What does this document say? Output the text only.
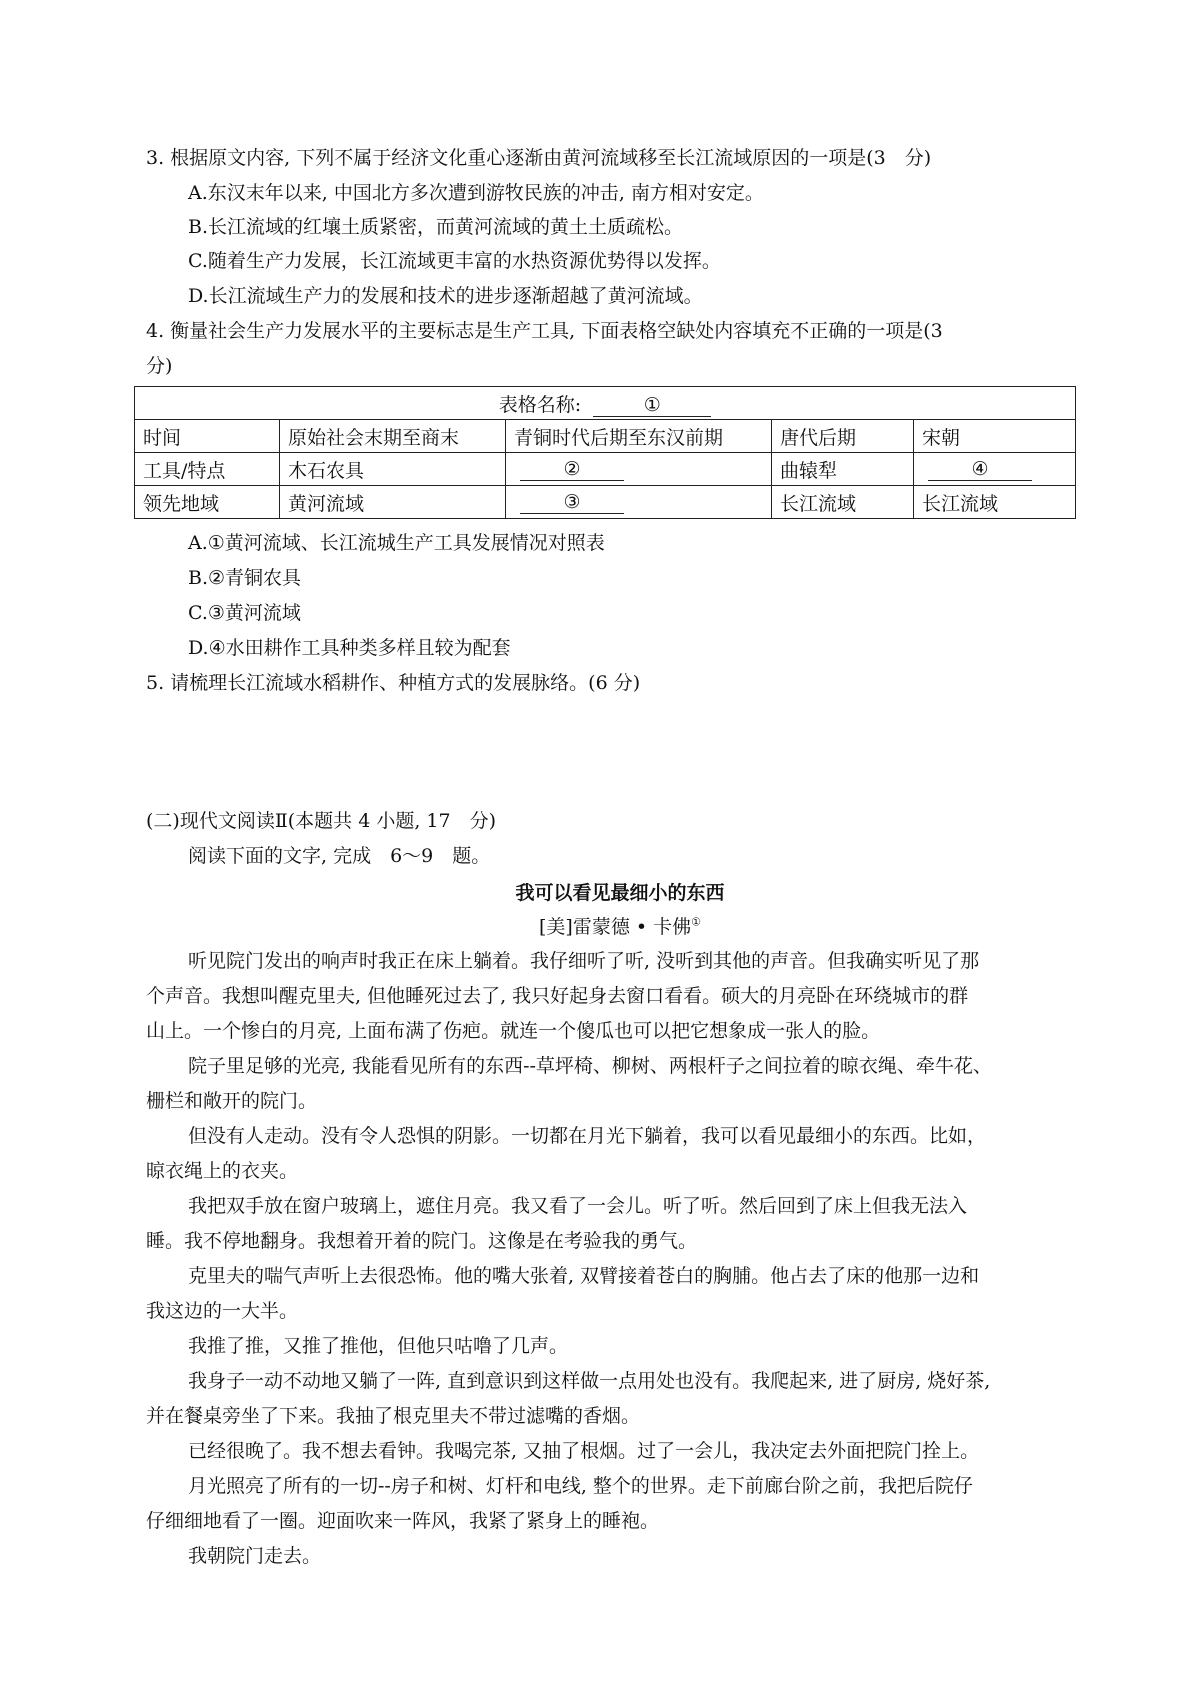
3. 根据原文内容, 下列不属于经济文化重心逐渐由黄河流域移至长江流域原因的一项是(3　分)

A.东汉末年以来, 中国北方多次遭到游牧民族的冲击, 南方相对安定。

B.长江流域的红壤土质紧密，而黄河流域的黄土土质疏松。

C.随着生产力发展，长江流域更丰富的水热资源优势得以发挥。

D.长江流域生产力的发展和技术的进步逐渐超越了黄河流域。

4. 衡量社会生产力发展水平的主要标志是生产工具, 下面表格空缺处内容填充不正确的一项是(3

分)

表格名称: ①				
时间	原始社会末期至商末	青铜时代后期至东汉前期	唐代后期	宋朝
工具/特点	木石农具	②	曲辕犁	④
领先地域	黄河流域	③	长江流域	长江流域

A.①黄河流域、长江流城生产工具发展情况对照表

B.②青铜农具

C.③黄河流域

D.④水田耕作工具种类多样且较为配套

5. 请梳理长江流域水稻耕作、种植方式的发展脉络。(6 分)

(二)现代文阅读Ⅱ(本题共 4 小题, 17　分)

阅读下面的文字, 完成　6～9　题。

我可以看见最细小的东西

[美]雷蒙德 • 卡佛①

听见院门发出的响声时我正在床上躺着。我仔细听了听, 没听到其他的声音。但我确实听见了那

个声音。我想叫醒克里夫, 但他睡死过去了, 我只好起身去窗口看看。硕大的月亮卧在环绕城市的群

山上。一个惨白的月亮, 上面布满了伤疤。就连一个傻瓜也可以把它想象成一张人的脸。

院子里足够的光亮, 我能看见所有的东西--草坪椅、柳树、两根杆子之间拉着的晾衣绳、牵牛花、

栅栏和敞开的院门。

但没有人走动。没有令人恐惧的阴影。一切都在月光下躺着，我可以看见最细小的东西。比如，

晾衣绳上的衣夹。

我把双手放在窗户玻璃上，遮住月亮。我又看了一会儿。听了听。然后回到了床上但我无法入

睡。我不停地翻身。我想着开着的院门。这像是在考验我的勇气。

克里夫的喘气声听上去很恐怖。他的嘴大张着, 双臂接着苍白的胸脯。他占去了床的他那一边和

我这边的一大半。

我推了推，又推了推他，但他只咕噜了几声。

我身子一动不动地又躺了一阵, 直到意识到这样做一点用处也没有。我爬起来, 进了厨房, 烧好茶,

并在餐桌旁坐了下来。我抽了根克里夫不带过滤嘴的香烟。

已经很晚了。我不想去看钟。我喝完茶, 又抽了根烟。过了一会儿，我决定去外面把院门拴上。

月光照亮了所有的一切--房子和树、灯杆和电线, 整个的世界。走下前廊台阶之前，我把后院仔

仔细细地看了一圈。迎面吹来一阵风，我紧了紧身上的睡袍。

我朝院门走去。
